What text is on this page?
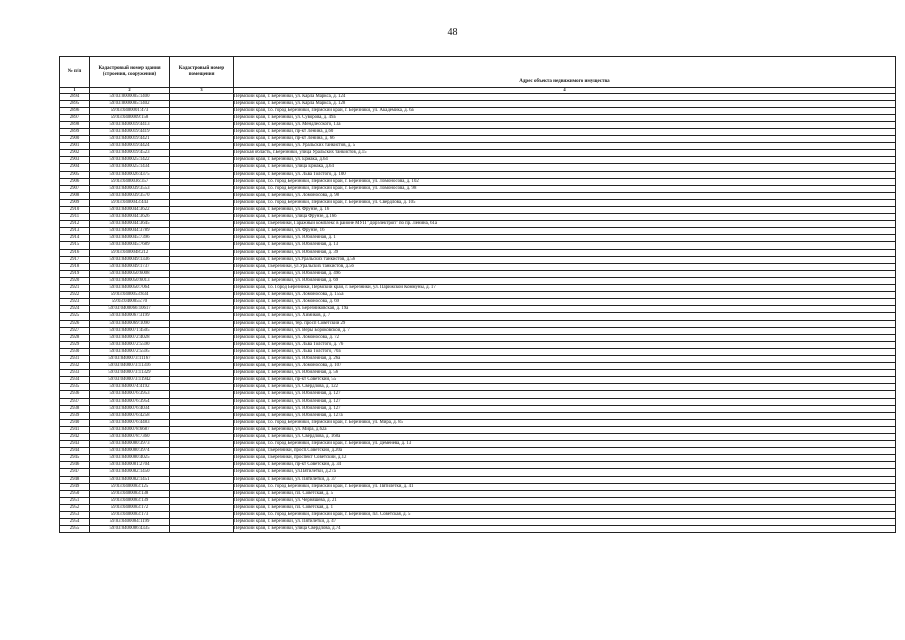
48
№ п/п	Кадастровый номер здания (строения, сооружения)	Кадастровый номер помещения	Адрес объекта недвижимого имущества
1	2	3	4
2894	59:03:0000005:1400		Пермский край, г. Березники, ул. Карла Маркса, д. 124
2895	59:03:0000005:1402		Пермский край, г. Березники, ул. Карла Маркса, д. 128
2896	59:03:0400001:473		Пермский край, г.о. город Березники, Пермский край, г. Березники, ул. Академика, д. 6а
2897	59:03:0400009:158		Пермский край, г. Березники, ул. Суворова, д. 49а
2898	59:03:0400019:4413		Пермский край, г. Березники, ул. Мендлесского, 13а
2899	59:03:0400019:4419		Пермский край, г. Березники, пр-кт Ленина, д.60
2900	59:03:0400019:4421		Пермский край, г. Березники, пр-кт Ленина, д. 66
2901	59:03:0400019:4424		Пермский край, г. Березники, ул. Уральских танкистов, д. 5
2902	59:03:0400019:4523		Пермская область, г.Березники, улица Уральских танкистов, д.15
2903	59:03:0400025:1422		Пермский край, г. Березники, ул. Ермака, д.64
2904	59:03:0400025:1434		Пермский край, г. Березники, улица Ермака, д.64
2905	59:03:0400026:4375		Пермский край, г. Березники, ул. Льва Толстого, д. 100
2906	59:03:0400036:357		Пермский край, г.о. город Березники, Пермский край, г. Березники, ул. Ломоносова, д. 102
2907	59:03:0400039:3553		Пермский край, г.о. город Березники, Пермский край, г. Березники, ул. Ломоносова, д. 98
2908	59:03:0400039:3570		Пермский край, г. Березники, ул. Ломоносова, д. 98
2909	59:03:0400043:443		Пермский край, г.о. город Березники, Пермский край, г. Березники, ул. Свердлова, д. 105
2910	59:03:0400044:3622		Пермский край, г. Березники, ул. Фрунзе, д. 16
2911	59:03:0400044:3626		Пермский край, г. Березники, улица Фрунзе, д.16б
2912	59:03:0400044:3645		Пермский край, г.Березники, Гаражный комплекс в районе МУП "Дорэлектроп" по пр. Ленина, 61а
2913	59:03:0400044:3789		Пермский край, г. Березники, ул. Фрунзе, 16
2914	59:03:0400045:7396		Пермский край, г. Березники, ул. Юбилейная, д. 1
2915	59:03:0400045:7689		Пермский край, г. Березники, ул. Юбилейная, д. 13
2916	59:03:0400048:212		Пермский край, г. Березники, ул. Юбилейная, д. 39
2917	59:03:0400049:1336		Пермский край, г. Березники, ул.Уральских танкистов, д.56
2918	59:03:0400049:1737		Пермский край, г.Березники, ул.Уральских танкистов, д.56
2919	59:03:0400050:6008		Пермский край, г. Березники, ул. Юбилейная, д. 49б
2920	59:03:0400050:6013		Пермский край, г. Березники, ул. Юбилейная, д. 69
2921	59:03:0400050:7064		Пермский край, г.о. Город Березники, Пермский край, г. Березники, ул. Парижской Коммуны, д. 17
2922	59:03:0400053:834		Пермский край, г. Березники, ул. Ломоносова, д. 155а
2923	59:03:0400055:70		Пермский край, г. Березники, ул. Ломоносова, д. 69
2924	59:03:0400066:10617		Пермский край, г. Березники, ул. Березниковская, д. 19а
2925	59:03:0400067:3199		Пермский край, г. Березники, ул. Химиков, д. 7
2926	59:03:0400069:1090		Пермский край, г. Березники, тер. просп Советский 29
2927	59:03:0400071:4505		Пермский край, г. Березники, ул. Веры Бороковской, д. 7
2928	59:03:0400072:4028		Пермский край, г. Березники, ул. Ломоносова, д. 72
2929	59:03:0400072:5590		Пермский край, г. Березники, ул. Льва Толстого, д. 76
2930	59:03:0400072:5595		Пермский край, г. Березники, ул. Льва Толстого, 70а
2931	59:03:0400073:11167		Пермский край, г. Березники, ул. Юбилейная, д. 26а
2932	59:03:0400073:11316		Пермский край, г. Березники, ул. Ломоносова, д. 107
2933	59:03:0400073:11329		Пермский край, г. Березники, ул. Юбилейная, д. 56
2934	59:03:0400073:11942		Пермский край, г. Березники, пр-кт Советский, 55
2935	59:03:0400074:4192		Пермский край, г. Березники, ул. Свердлова, д. 122
2936	59:03:0400076:3953		Пермский край, г. Березники, ул. Юбилейная, д. 127
2937	59:03:0400076:3954		Пермский край, г. Березники, ул. Юбилейная, д. 127
2938	59:03:0400076:4034		Пермский край, г. Березники, ул. Юбилейная, д. 127
2939	59:03:0400076:4258		Пермский край, г. Березники, ул. Юбилейная, д. 127а
2940	59:03:0400076:4483		Пермский край, г.о. город Березники, Пермский край, г. Березники, ул. Мира, д. 85
2941	59:03:0400078:6687		Пермский край, г. Березники, ул. Мира, д.62а
2942	59:03:0400078:7360		Пермский край, г. Березники, ул. Свердлова, д. 168а
2943	59:03:0400080:3973		Пермский край, г.о. город Березники, Пермский край, г. Березники, ул. Деменева, д. 13
2944	59:03:0400080:3974		Пермский край, г.Березники, просп.Советский, д.20а
2945	59:03:0400080:4025		Пермский край, г.Березники, проспект Советский, д.12
2946	59:03:0400081:2704		Пермский край, г. Березники, пр-кт Советский, д. 34
2947	59:03:0400082:1450		Пермский край, г. Березники, ул.Пятилетки, д.27а
2948	59:03:0400082:1451		Пермский край, г. Березники, ул. Пятилетки, д. 37
2949	59:03:0400083:125		Пермский край, г.о. город Березники, Пермский край, г. Березники, ул. Пятилетки, д. 41
2950	59:03:0400083:138		Пермский край, г. Березники, пл. Советская, д. 5
2951	59:03:0400083:139		Пермский край, г. Березники, ул. Черняшева, д. 21
2952	59:03:0400083:172		Пермский край, г. Березники, пл. Советская, д. 1
2953	59:03:0400083:173		Пермский край, г.о. город Березники, Пермский край, г. Березники, пл. Советская, д. 5
2954	59:03:0400084:1199		Пермский край, г. Березники, ул. Пятилетки, д. 47
2955	59:03:0400086:4335		Пермский край, г. Березники, улица Свердлова, д.74
